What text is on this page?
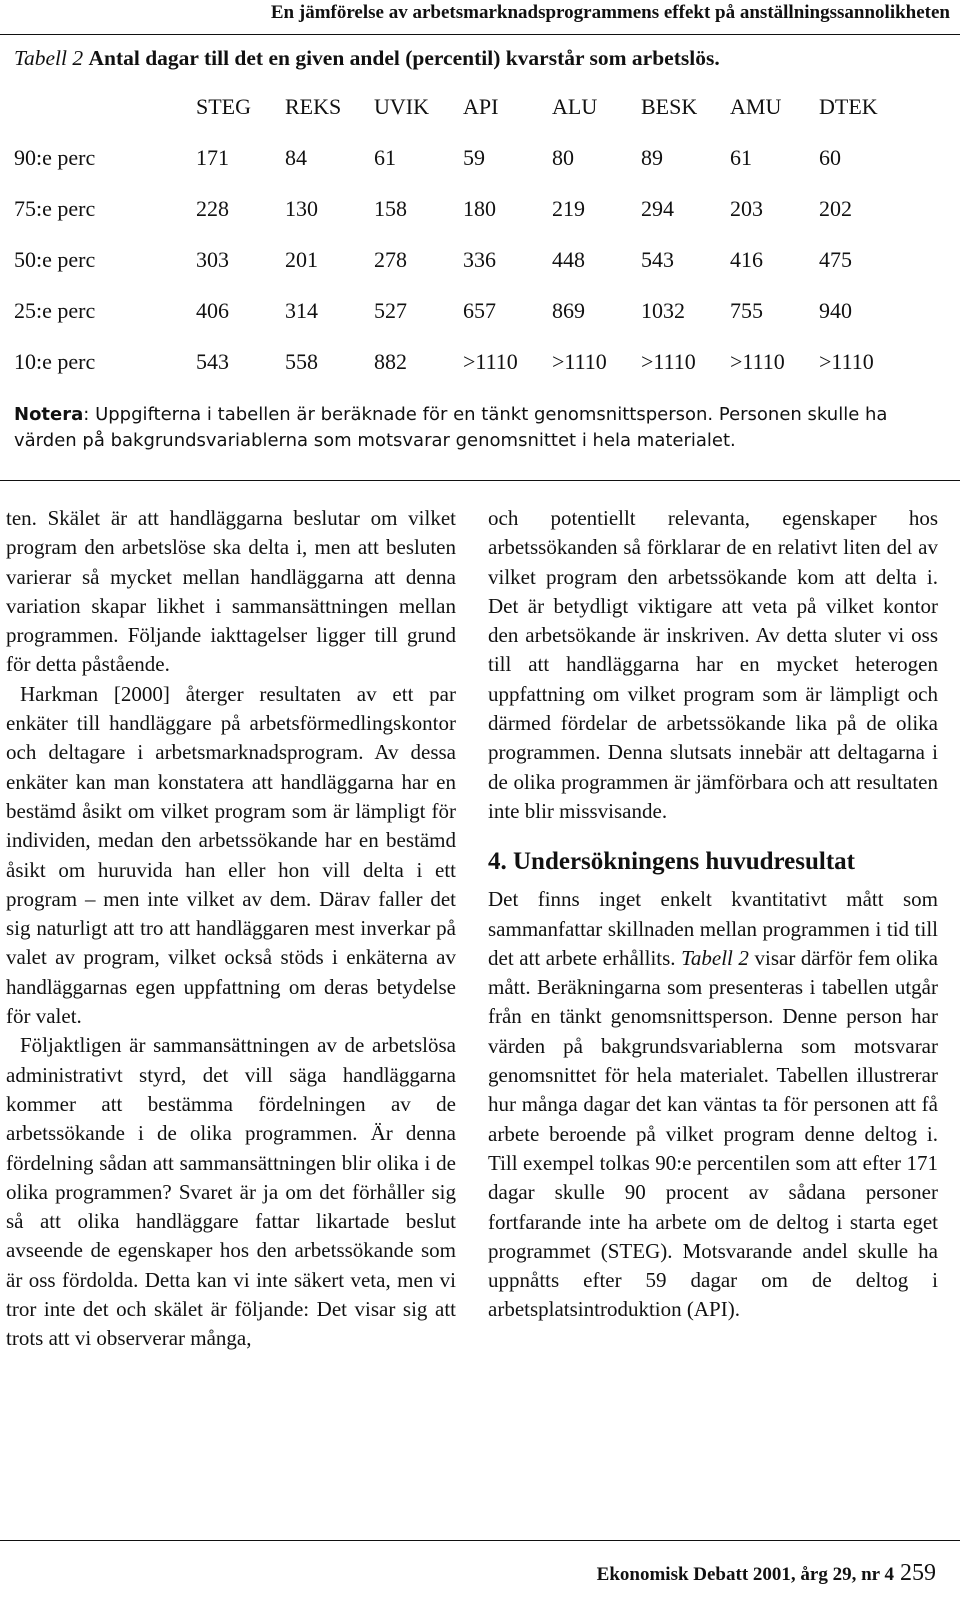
En jämförelse av arbetsmarknadsprogrammens effekt på anställningssannolikheten

Tabell 2 Antal dagar till det en given andel (percentil) kvarstår som arbetslös.

	STEG	REKS	UVIK	API	ALU	BESK	AMU	DTEK
90:e perc	171	84	61	59	80	89	61	60
75:e perc	228	130	158	180	219	294	203	202
50:e perc	303	201	278	336	448	543	416	475
25:e perc	406	314	527	657	869	1032	755	940
10:e perc	543	558	882	>1110	>1110	>1110	>1110	>1110

Notera: Uppgifterna i tabellen är beräknade för en tänkt genomsnittsperson. Personen skulle ha värden på bakgrundsvariablerna som motsvarar genomsnittet i hela materialet.

ten. Skälet är att handläggarna beslutar om vilket program den arbetslöse ska delta i, men att besluten varierar så mycket mellan handläggarna att denna variation skapar likhet i sammansättningen mellan programmen. Följande iakttagelser ligger till grund för detta påstående.

Harkman [2000] återger resultaten av ett par enkäter till handläggare på arbetsförmedlingskontor och deltagare i arbetsmarknadsprogram. Av dessa enkäter kan man konstatera att handläggarna har en bestämd åsikt om vilket program som är lämpligt för individen, medan den arbetssökande har en bestämd åsikt om huruvida han eller hon vill delta i ett program – men inte vilket av dem. Därav faller det sig naturligt att tro att handläggaren mest inverkar på valet av program, vilket också stöds i enkäterna av handläggarnas egen uppfattning om deras betydelse för valet.

Följaktligen är sammansättningen av de arbetslösa administrativt styrd, det vill säga handläggarna kommer att bestämma fördelningen av de arbetssökande i de olika programmen. Är denna fördelning sådan att sammansättningen blir olika i de olika programmen? Svaret är ja om det förhåller sig så att olika handläggare fattar likartade beslut avseende de egenskaper hos den arbetssökande som är oss fördolda. Detta kan vi inte säkert veta, men vi tror inte det och skälet är följande: Det visar sig att trots att vi observerar många,

och potentiellt relevanta, egenskaper hos arbetssökanden så förklarar de en relativt liten del av vilket program den arbetssökande kom att delta i. Det är betydligt viktigare att veta på vilket kontor den arbetsökande är inskriven. Av detta sluter vi oss till att handläggarna har en mycket heterogen uppfattning om vilket program som är lämpligt och därmed fördelar de arbetssökande lika på de olika programmen. Denna slutsats innebär att deltagarna i de olika programmen är jämförbara och att resultaten inte blir missvisande.

4. Undersökningens huvudresultat

Det finns inget enkelt kvantitativt mått som sammanfattar skillnaden mellan programmen i tid till det att arbete erhållits. Tabell 2 visar därför fem olika mått. Beräkningarna som presenteras i tabellen utgår från en tänkt genomsnittsperson. Denne person har värden på bakgrundsvariablerna som motsvarar genomsnittet för hela materialet. Tabellen illustrerar hur många dagar det kan väntas ta för personen att få arbete beroende på vilket program denne deltog i. Till exempel tolkas 90:e percentilen som att efter 171 dagar skulle 90 procent av sådana personer fortfarande inte ha arbete om de deltog i starta eget programmet (STEG). Motsvarande andel skulle ha uppnåtts efter 59 dagar om de deltog i arbetsplatsintroduktion (API).

Ekonomisk Debatt 2001, årg 29, nr 4 259
